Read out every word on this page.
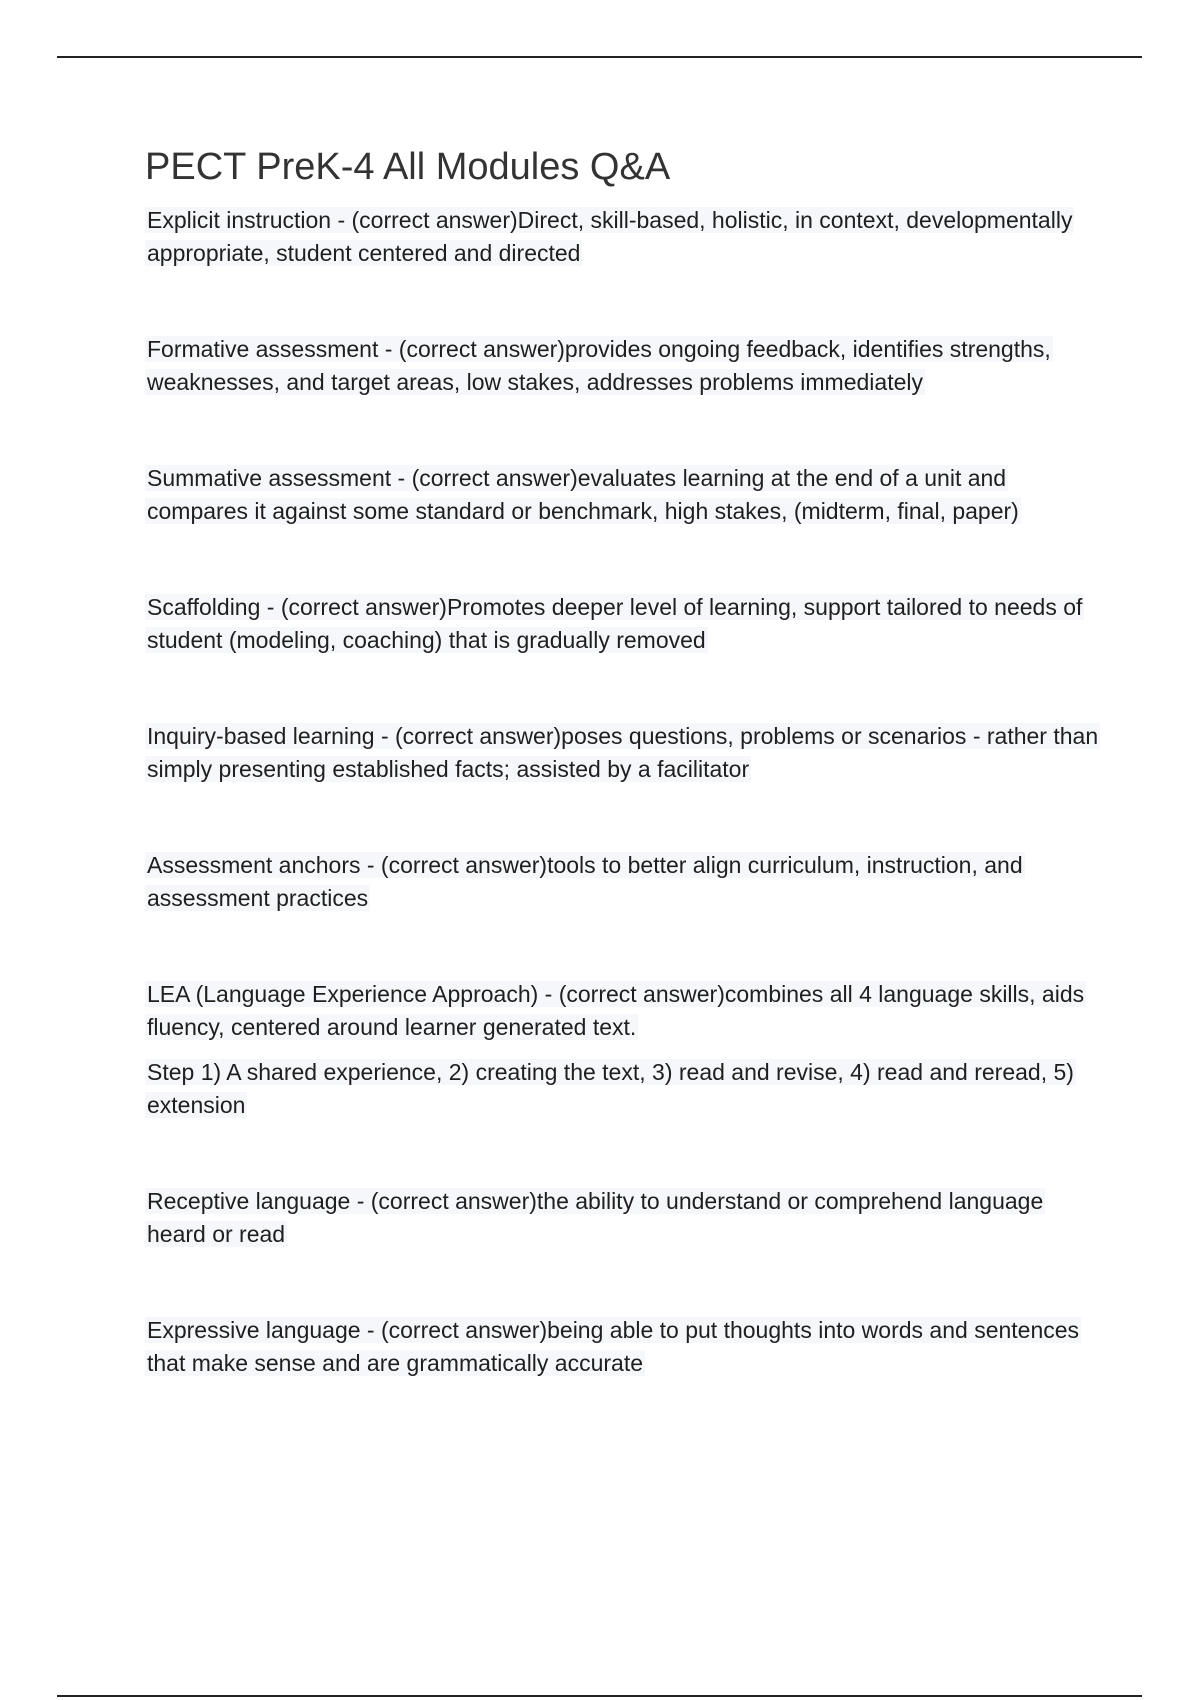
PECT PreK-4 All Modules Q&A

Explicit instruction - (correct answer)Direct, skill-based, holistic, in context, developmentally appropriate, student centered and directed

Formative assessment - (correct answer)provides ongoing feedback, identifies strengths, weaknesses, and target areas, low stakes, addresses problems immediately

Summative assessment - (correct answer)evaluates learning at the end of a unit and compares it against some standard or benchmark, high stakes, (midterm, final, paper)

Scaffolding - (correct answer)Promotes deeper level of learning, support tailored to needs of student (modeling, coaching) that is gradually removed

Inquiry-based learning - (correct answer)poses questions, problems or scenarios - rather than simply presenting established facts; assisted by a facilitator

Assessment anchors - (correct answer)tools to better align curriculum, instruction, and assessment practices

LEA (Language Experience Approach) - (correct answer)combines all 4 language skills, aids fluency, centered around learner generated text.

Step 1) A shared experience, 2) creating the text, 3) read and revise, 4) read and reread, 5) extension

Receptive language - (correct answer)the ability to understand or comprehend language heard or read

Expressive language - (correct answer)being able to put thoughts into words and sentences that make sense and are grammatically accurate
